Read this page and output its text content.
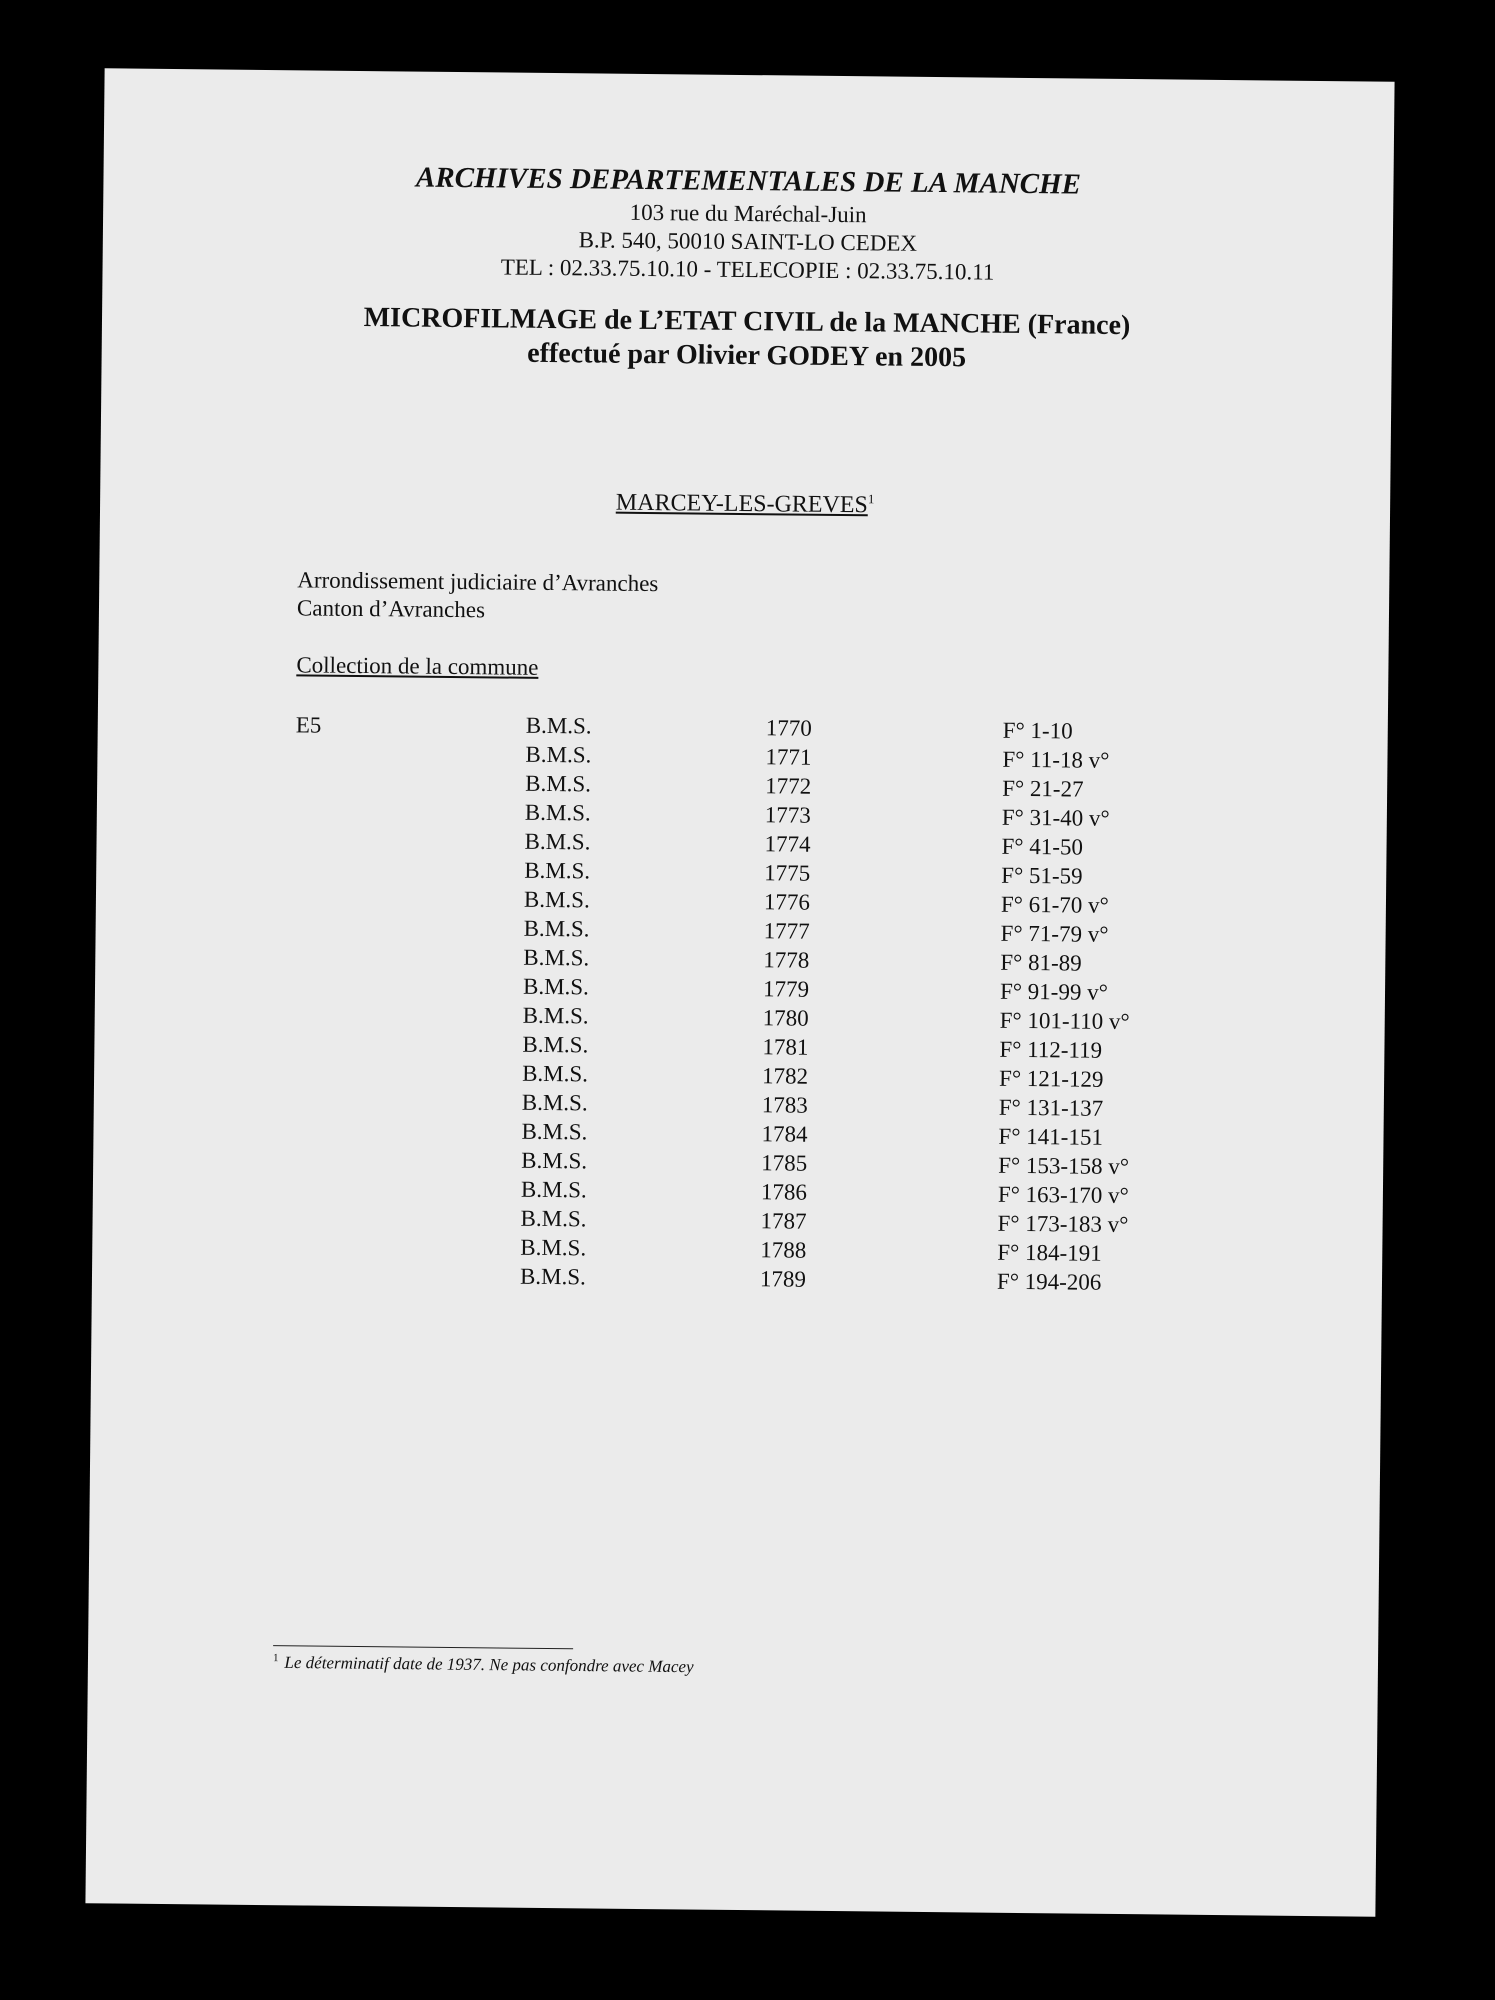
ARCHIVES DEPARTEMENTALES DE LA MANCHE
103 rue du Maréchal-Juin
B.P. 540, 50010 SAINT-LO CEDEX
TEL : 02.33.75.10.10 - TELECOPIE : 02.33.75.10.11
MICROFILMAGE de L’ETAT CIVIL de la MANCHE (France)
effectué par Olivier GODEY en 2005
MARCEY-LES-GREVES$^1$
Arrondissement judiciaire d’Avranches
Canton d’Avranches
Collection de la commune
E5	B.M.S.	1770	F° 1-10
B.M.S.	1771	F° 11-18 v°
B.M.S.	1772	F° 21-27
B.M.S.	1773	F° 31-40 v°
B.M.S.	1774	F° 41-50
B.M.S.	1775	F° 51-59
B.M.S.	1776	F° 61-70 v°
B.M.S.	1777	F° 71-79 v°
B.M.S.	1778	F° 81-89
B.M.S.	1779	F° 91-99 v°
B.M.S.	1780	F° 101-110 v°
B.M.S.	1781	F° 112-119
B.M.S.	1782	F° 121-129
B.M.S.	1783	F° 131-137
B.M.S.	1784	F° 141-151
B.M.S.	1785	F° 153-158 v°
B.M.S.	1786	F° 163-170 v°
B.M.S.	1787	F° 173-183 v°
B.M.S.	1788	F° 184-191
B.M.S.	1789	F° 194-206
$^1$ Le déterminatif date de 1937. Ne pas confondre avec Macey
